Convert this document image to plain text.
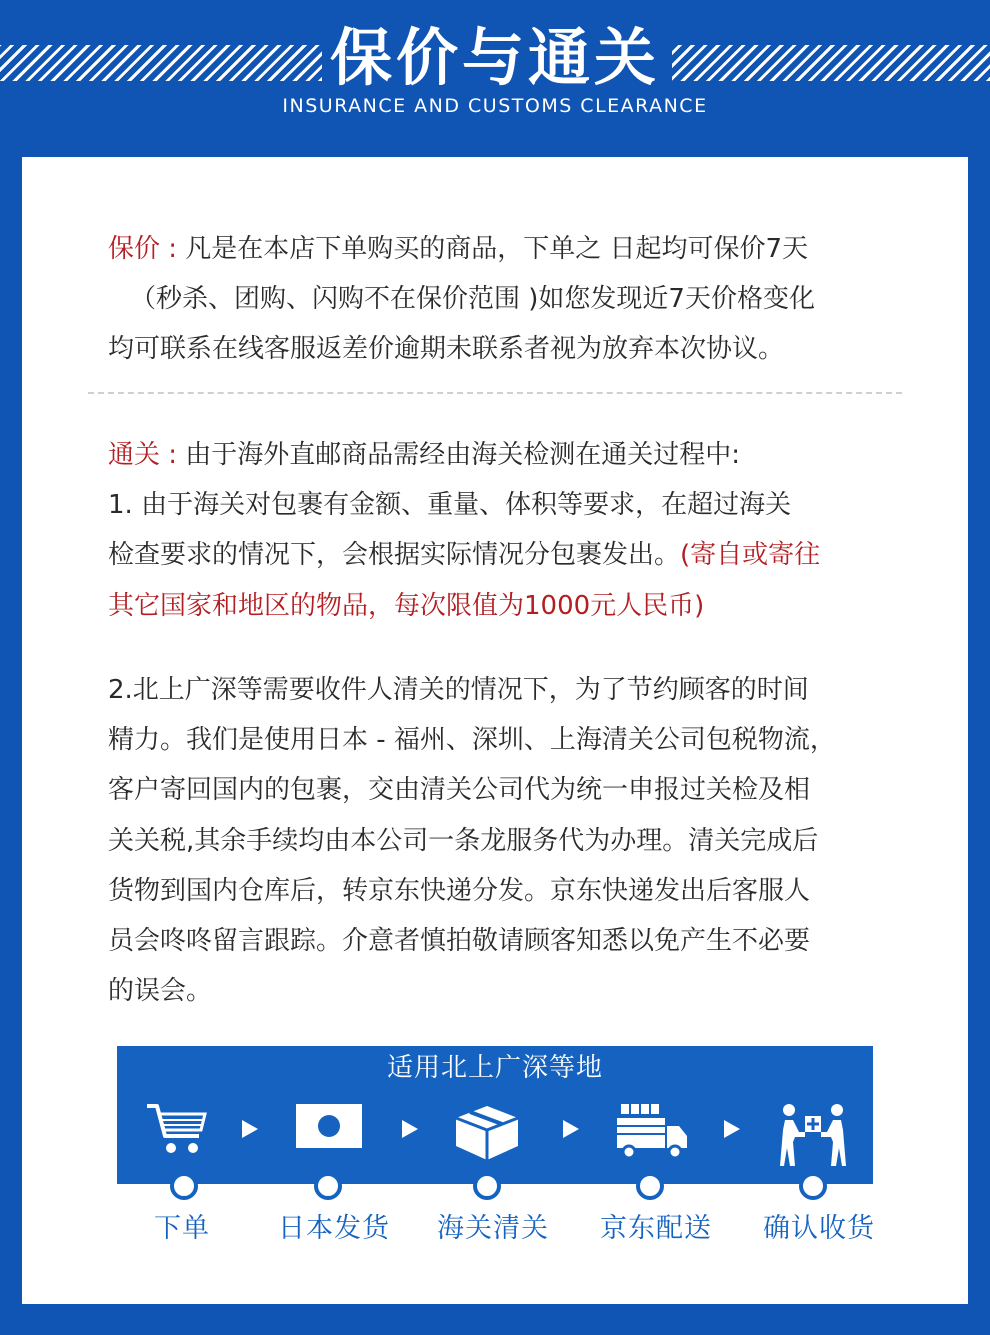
保价与通关
INSURANCE AND CUSTOMS CLEARANCE

保价 : 凡是在本店下单购买的商品，下单之 日起均可保价7天
（秒杀、团购、闪购不在保价范围 )如您发现近7天价格变化
均可联系在线客服返差价逾期未联系者视为放弃本次协议。

通关 : 由于海外直邮商品需经由海关检测在通关过程中:
1. 由于海关对包裹有金额、重量、体积等要求，在超过海关
检查要求的情况下，会根据实际情况分包裹发出。(寄自或寄往
其它国家和地区的物品，每次限值为1000元人民币)

2.北上广深等需要收件人清关的情况下，为了节约顾客的时间
精力。我们是使用日本 - 福州、深圳、上海清关公司包税物流，
客户寄回国内的包裹，交由清关公司代为统一申报过关检及相
关关税,其余手续均由本公司一条龙服务代为办理。清关完成后
货物到国内仓库后，转京东快递分发。京东快递发出后客服人
员会咚咚留言跟踪。介意者慎拍敬请顾客知悉以免产生不必要
的误会。

适用北上广深等地
下单	日本发货	海关清关	京东配送	确认收货
